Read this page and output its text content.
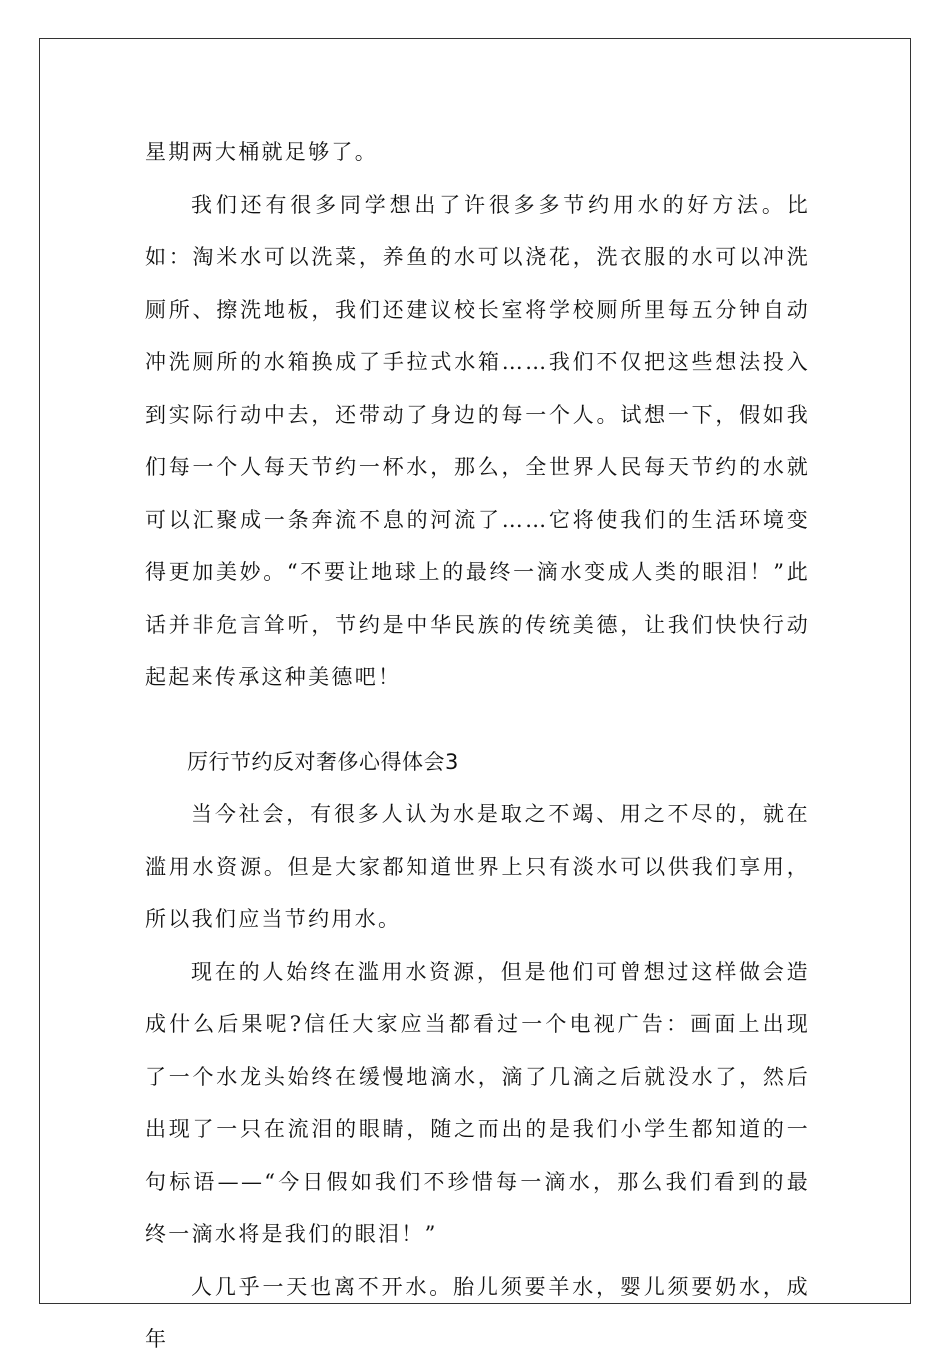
星期两大桶就足够了。

我们还有很多同学想出了许很多多节约用水的好方法。比如：淘米水可以洗菜，养鱼的水可以浇花，洗衣服的水可以冲洗厕所、擦洗地板，我们还建议校长室将学校厕所里每五分钟自动冲洗厕所的水箱换成了手拉式水箱……我们不仅把这些想法投入到实际行动中去，还带动了身边的每一个人。试想一下，假如我们每一个人每天节约一杯水，那么，全世界人民每天节约的水就可以汇聚成一条奔流不息的河流了……它将使我们的生活环境变得更加美妙。“不要让地球上的最终一滴水变成人类的眼泪！”此话并非危言耸听，节约是中华民族的传统美德，让我们快快行动起起来传承这种美德吧！

厉行节约反对奢侈心得体会3

当今社会，有很多人认为水是取之不竭、用之不尽的，就在滥用水资源。但是大家都知道世界上只有淡水可以供我们享用，所以我们应当节约用水。

现在的人始终在滥用水资源，但是他们可曾想过这样做会造成什么后果呢?信任大家应当都看过一个电视广告：画面上出现了一个水龙头始终在缓慢地滴水，滴了几滴之后就没水了，然后出现了一只在流泪的眼睛，随之而出的是我们小学生都知道的一句标语——“今日假如我们不珍惜每一滴水，那么我们看到的最终一滴水将是我们的眼泪！”

人几乎一天也离不开水。胎儿须要羊水，婴儿须要奶水，成年
